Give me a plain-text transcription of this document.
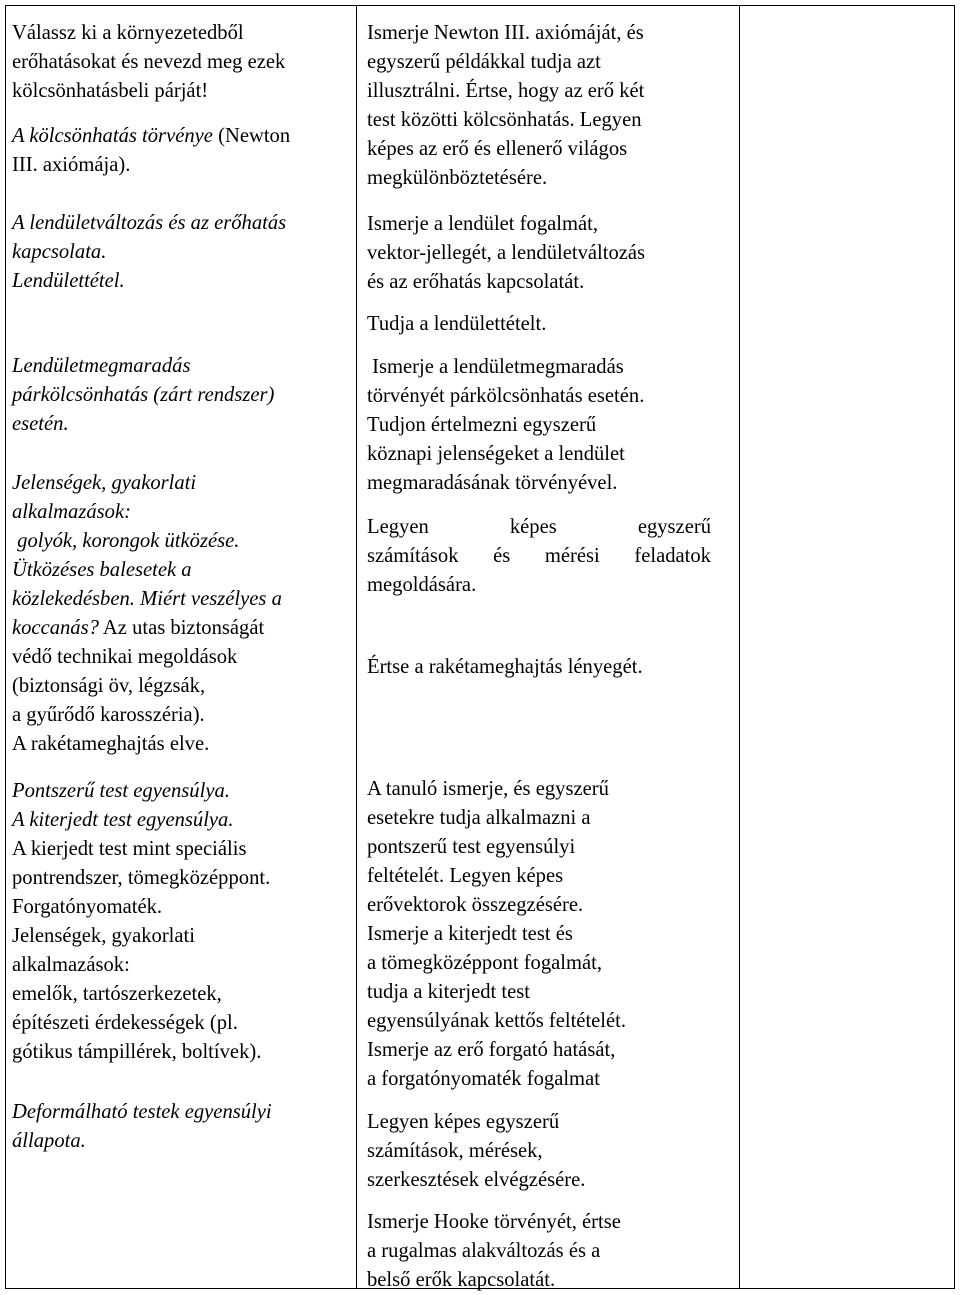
Válassz ki a környezetedből
erőhatásokat és nevezd meg ezek
kölcsönhatásbeli párját!
A kölcsönhatás törvénye (Newton
III. axiómája).
A lendületváltozás és az erőhatás
kapcsolata.
Lendülettétel.
Lendületmegmaradás
párkölcsönhatás (zárt rendszer)
esetén.
Jelenségek, gyakorlati
alkalmazások:
golyók, korongok ütközése.
Ütközéses balesetek a
közlekedésben. Miért veszélyes a
koccanás? Az utas biztonságát
védő technikai megoldások
(biztonsági öv, légzsák,
a gyűrődő karosszéria).
A rakétameghajtás elve.
Pontszerű test egyensúlya.
A kiterjedt test egyensúlya.
A kierjedt test mint speciális
pontrendszer, tömegközéppont.
Forgatónyomaték.
Jelenségek, gyakorlati
alkalmazások:
emelők, tartószerkezetek,
építészeti érdekességek (pl.
gótikus támpillérek, boltívek).
Deformálható testek egyensúlyi
állapota.
Ismerje Newton III. axiómáját, és
egyszerű példákkal tudja azt
illusztrálni. Értse, hogy az erő két
test közötti kölcsönhatás. Legyen
képes az erő és ellenerő világos
megkülönböztetésére.
Ismerje a lendület fogalmát,
vektor-jellegét, a lendületváltozás
és az erőhatás kapcsolatát.
Tudja a lendülettételt.
Ismerje a lendületmegmaradás
törvényét párkölcsönhatás esetén.
Tudjon értelmezni egyszerű
köznapi jelenségeket a lendület
megmaradásának törvényével.
Legyen	képes	egyszerű
számítások és mérési feladatok
megoldására.
Értse a rakétameghajtás lényegét.
A tanuló ismerje, és egyszerű
esetekre tudja alkalmazni a
pontszerű test egyensúlyi
feltételét. Legyen képes
erővektorok összegzésére.
Ismerje a kiterjedt test és
a tömegközéppont fogalmát,
tudja a kiterjedt test
egyensúlyának kettős feltételét.
Ismerje az erő forgató hatását,
a forgatónyomaték fogalmat
Legyen képes egyszerű
számítások, mérések,
szerkesztések elvégzésére.
Ismerje Hooke törvényét, értse
a rugalmas alakváltozás és a
belső erők kapcsolatát.
